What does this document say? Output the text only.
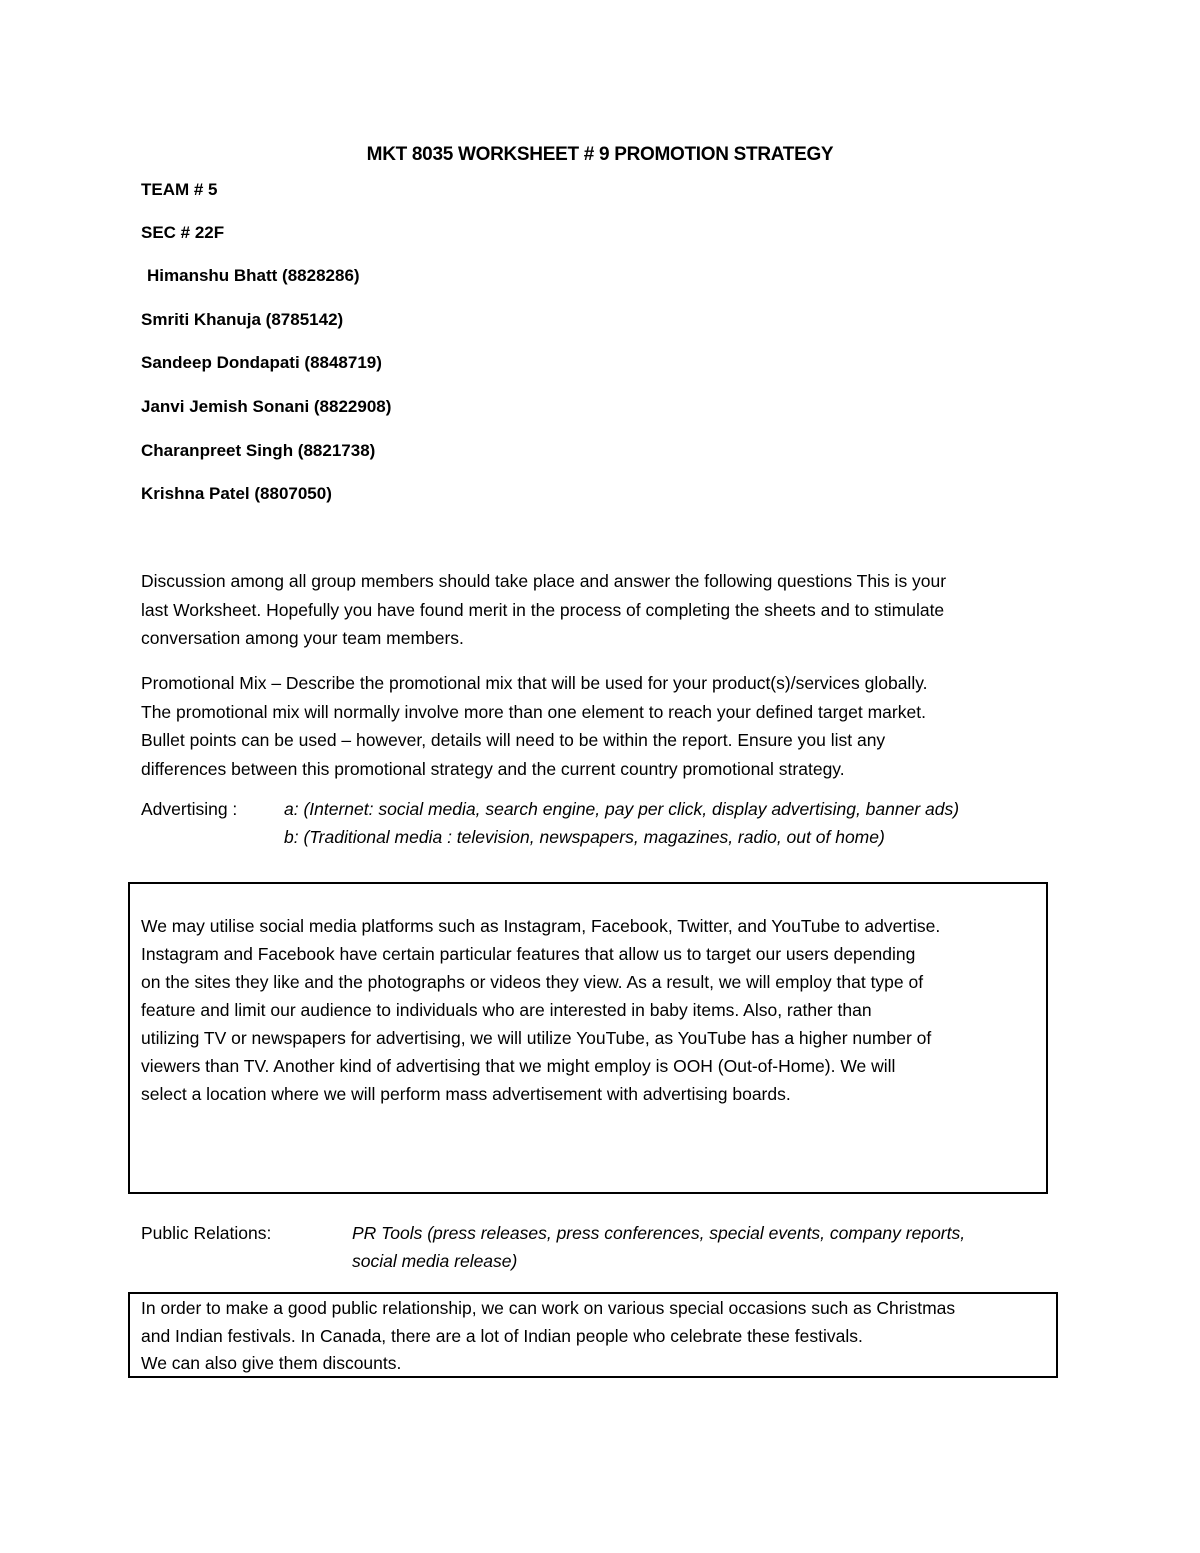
MKT 8035 WORKSHEET # 9 PROMOTION STRATEGY
TEAM # 5
SEC # 22F
Himanshu Bhatt (8828286)
Smriti Khanuja (8785142)
Sandeep Dondapati (8848719)
Janvi Jemish Sonani (8822908)
Charanpreet Singh (8821738)
Krishna Patel (8807050)
Discussion among all group members should take place and answer the following questions This is your
last Worksheet. Hopefully you have found merit in the process of completing the sheets and to stimulate
conversation among your team members.
Promotional Mix – Describe the promotional mix that will be used for your product(s)/services globally.
The promotional mix will normally involve more than one element to reach your defined target market.
Bullet points can be used – however, details will need to be within the report. Ensure you list any
differences between this promotional strategy and the current country promotional strategy.
Advertising :	a: (Internet: social media, search engine, pay per click, display advertising, banner ads)
b: (Traditional media : television, newspapers, magazines, radio, out of home)
We may utilise social media platforms such as Instagram, Facebook, Twitter, and YouTube to advertise.
Instagram and Facebook have certain particular features that allow us to target our users depending
on the sites they like and the photographs or videos they view. As a result, we will employ that type of
feature and limit our audience to individuals who are interested in baby items. Also, rather than
utilizing TV or newspapers for advertising, we will utilize YouTube, as YouTube has a higher number of
viewers than TV. Another kind of advertising that we might employ is OOH (Out-of-Home). We will
select a location where we will perform mass advertisement with advertising boards.
Public Relations:	PR Tools (press releases, press conferences, special events, company reports,
social media release)
In order to make a good public relationship, we can work on various special occasions such as Christmas
and Indian festivals. In Canada, there are a lot of Indian people who celebrate these festivals.
We can also give them discounts.
